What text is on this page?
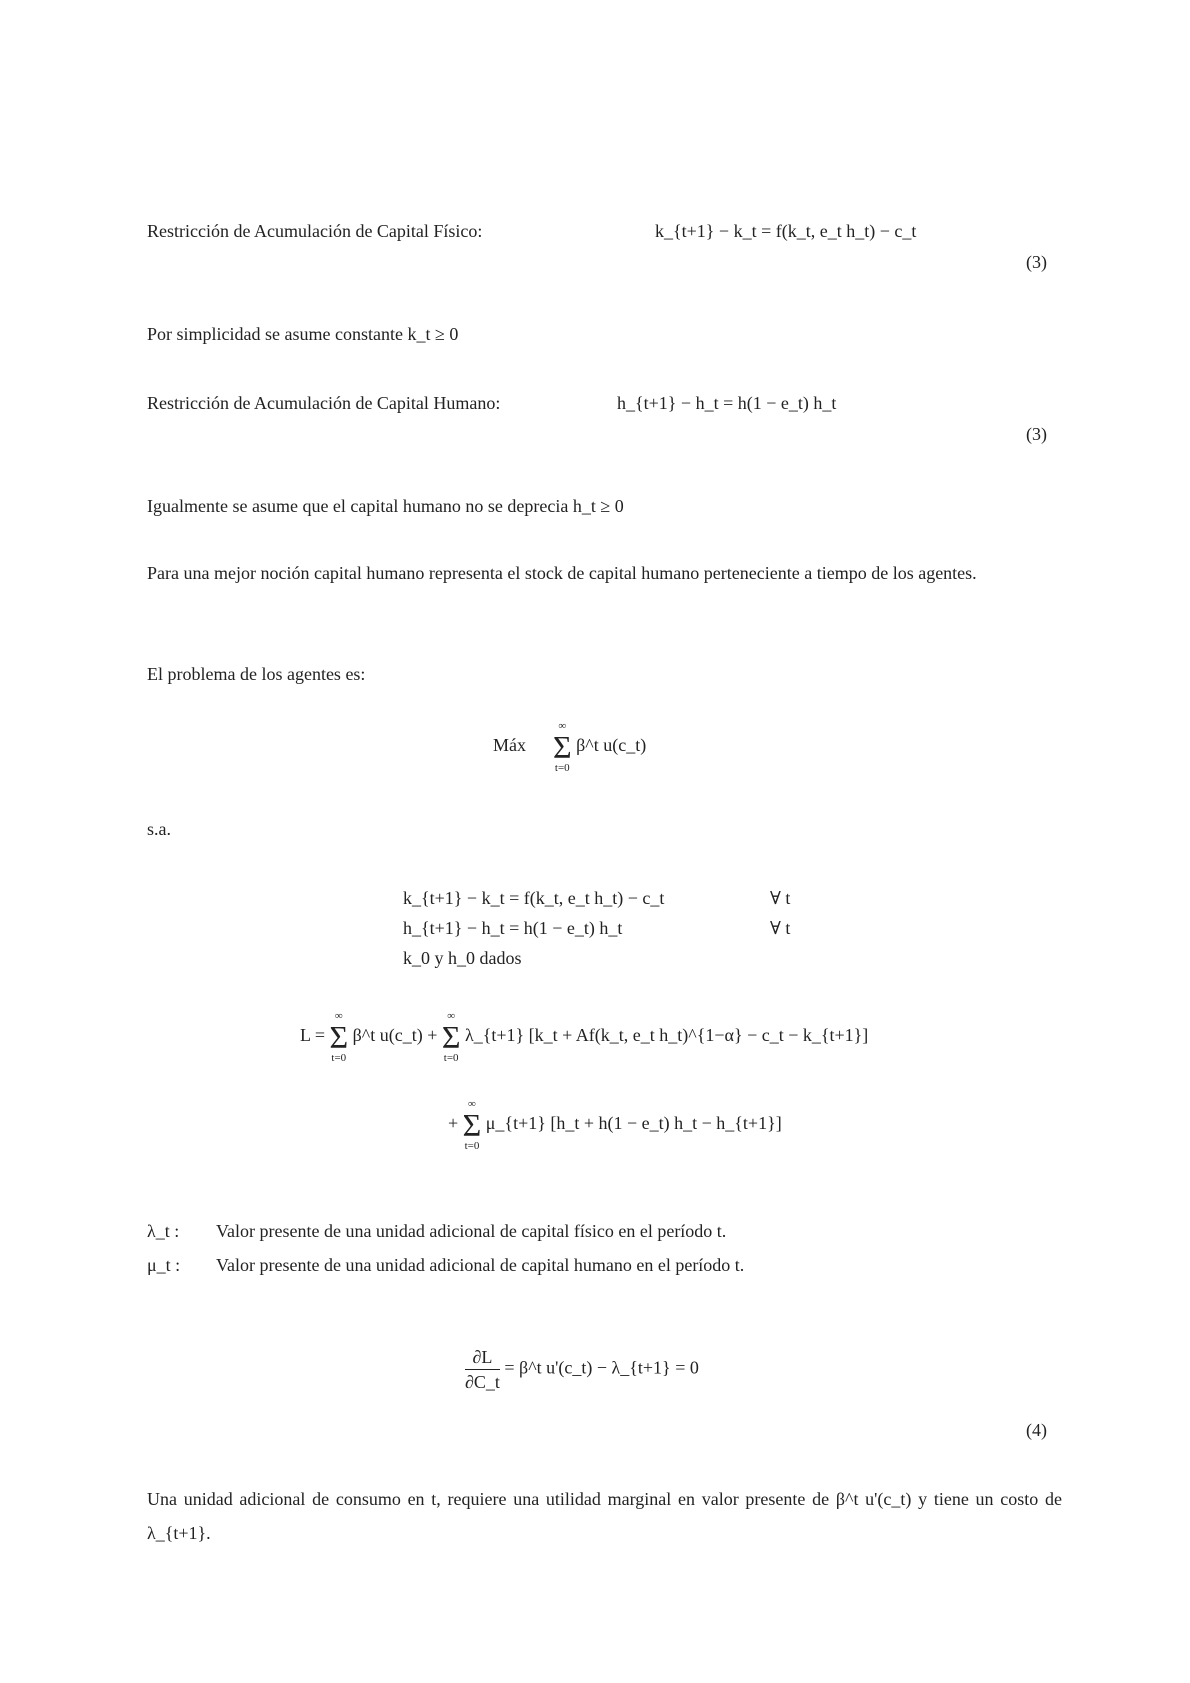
Restricción de Acumulación de Capital Físico:	k_{t+1} − k_t = f(k_t, e_t h_t) − c_t
(3)
Por simplicidad se asume constante k_t ≥ 0
Restricción de Acumulación de Capital Humano:	h_{t+1} − h_t = h(1 − e_t) h_t
(3)
Igualmente se asume que el capital humano no se deprecia h_t ≥ 0
Para una mejor noción capital humano representa el stock de capital humano perteneciente a tiempo de los agentes.
El problema de los agentes es:
Máx
∞
Σ
t=0
β^t u(c_t)
s.a.
k_{t+1} − k_t = f(k_t, e_t h_t) − c_t	∀ t
h_{t+1} − h_t = h(1 − e_t) h_t	∀ t
k_0 y h_0 dados
L =
∞
Σ
t=0
β^t u(c_t) +
∞
Σ
t=0
λ_{t+1} [k_t + Af(k_t, e_t h_t)^{1−α} − c_t − k_{t+1}]
+
∞
Σ
t=0
μ_{t+1} [h_t + h(1 − e_t) h_t − h_{t+1}]
λ_t : Valor presente de una unidad adicional de capital físico en el período t.
μ_t : Valor presente de una unidad adicional de capital humano en el período t.
$\frac{\partial L}{\partial C\_t}$ = β^t u'(c_t) − λ_{t+1} = 0
(4)
Una unidad adicional de consumo en t, requiere una utilidad marginal en valor presente de β^t u'(c_t) y tiene un costo de λ_{t+1}.
